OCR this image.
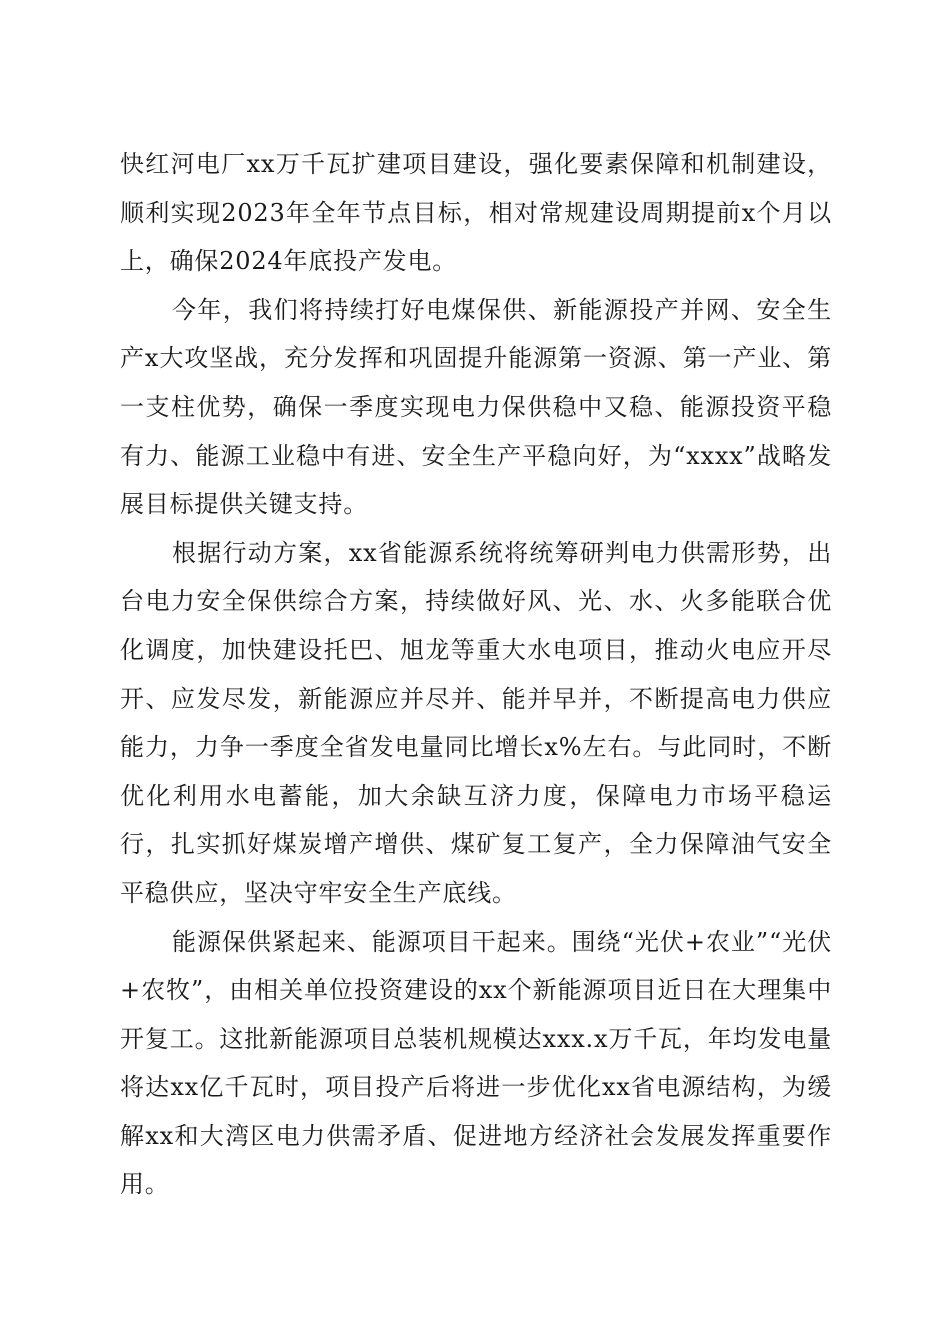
快红河电厂xx万千瓦扩建项目建设，强化要素保障和机制建设，顺利实现2023年全年节点目标，相对常规建设周期提前x个月以上，确保2024年底投产发电。

今年，我们将持续打好电煤保供、新能源投产并网、安全生产x大攻坚战，充分发挥和巩固提升能源第一资源、第一产业、第一支柱优势，确保一季度实现电力保供稳中又稳、能源投资平稳有力、能源工业稳中有进、安全生产平稳向好，为“xxxx”战略发展目标提供关键支持。

根据行动方案，xx省能源系统将统筹研判电力供需形势，出台电力安全保供综合方案，持续做好风、光、水、火多能联合优化调度，加快建设托巴、旭龙等重大水电项目，推动火电应开尽开、应发尽发，新能源应并尽并、能并早并，不断提高电力供应能力，力争一季度全省发电量同比增长x%左右。与此同时，不断优化利用水电蓄能，加大余缺互济力度，保障电力市场平稳运行，扎实抓好煤炭增产增供、煤矿复工复产，全力保障油气安全平稳供应，坚决守牢安全生产底线。

能源保供紧起来、能源项目干起来。围绕“光伏+农业”“光伏+农牧”，由相关单位投资建设的xx个新能源项目近日在大理集中开复工。这批新能源项目总装机规模达xxx.x万千瓦，年均发电量将达xx亿千瓦时，项目投产后将进一步优化xx省电源结构，为缓解xx和大湾区电力供需矛盾、促进地方经济社会发展发挥重要作用。
